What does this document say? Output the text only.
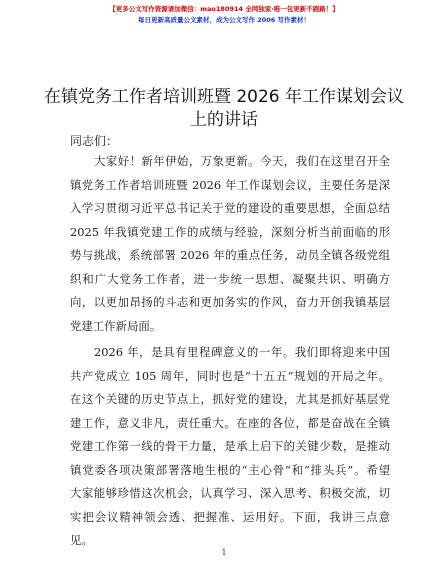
【更多公文写作资源请加微信：mao180914 全网独家·唯一包更新不跑路！】
每日更新高质量公文素材，成为公文写作 2006 写作素材！
在镇党务工作者培训班暨 2026 年工作谋划会议
上的讲话
同志们：
大家好！新年伊始，万象更新。今天，我们在这里召开全
镇党务工作者培训班暨 2026 年工作谋划会议，主要任务是深
入学习贯彻习近平总书记关于党的建设的重要思想，全面总结
2025 年我镇党建工作的成绩与经验，深刻分析当前面临的形
势与挑战，系统部署 2026 年的重点任务，动员全镇各级党组
织和广大党务工作者，进一步统一思想、凝聚共识、明确方
向，以更加昂扬的斗志和更加务实的作风，奋力开创我镇基层
党建工作新局面。
2026 年，是具有里程碑意义的一年。我们即将迎来中国
共产党成立 105 周年，同时也是“十五五”规划的开局之年。
在这个关键的历史节点上，抓好党的建设，尤其是抓好基层党
建工作，意义非凡，责任重大。在座的各位，都是奋战在全镇
党建工作第一线的骨干力量，是承上启下的关键少数，是推动
镇党委各项决策部署落地生根的“主心骨”和“排头兵”。希望
大家能够珍惜这次机会，认真学习、深入思考、积极交流，切
实把会议精神领会透、把握准、运用好。下面，我讲三点意
见。
1
